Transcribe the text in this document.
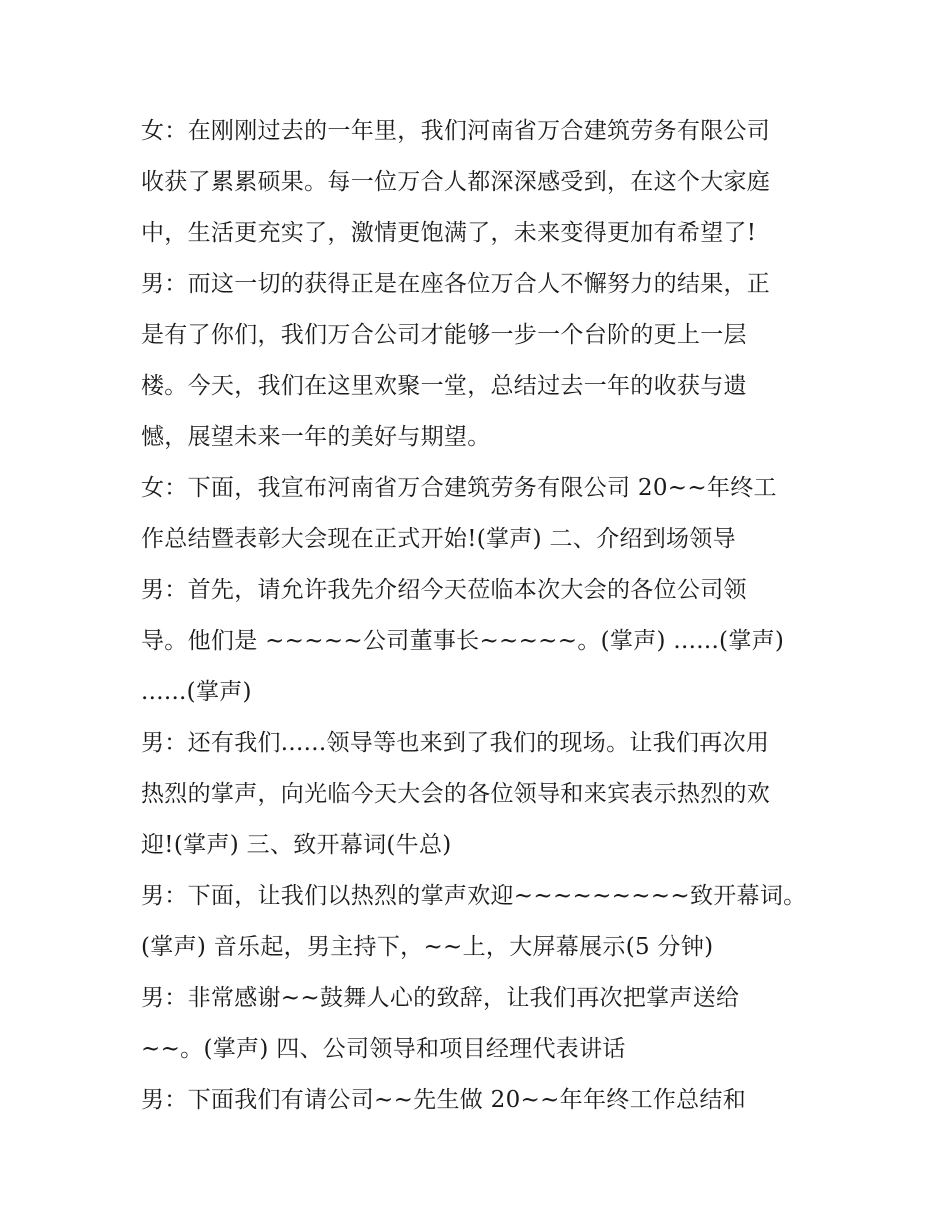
女：在刚刚过去的一年里，我们河南省万合建筑劳务有限公司
收获了累累硕果。每一位万合人都深深感受到，在这个大家庭
中，生活更充实了，激情更饱满了，未来变得更加有希望了!
男：而这一切的获得正是在座各位万合人不懈努力的结果，正
是有了你们，我们万合公司才能够一步一个台阶的更上一层
楼。今天，我们在这里欢聚一堂，总结过去一年的收获与遗
憾，展望未来一年的美好与期望。
女：下面，我宣布河南省万合建筑劳务有限公司 20~~年终工
作总结暨表彰大会现在正式开始!(掌声) 二、介绍到场领导
男：首先，请允许我先介绍今天莅临本次大会的各位公司领
导。他们是 ~~~~~公司董事长~~~~~。(掌声) ......(掌声)
......(掌声)
男：还有我们......领导等也来到了我们的现场。让我们再次用
热烈的掌声，向光临今天大会的各位领导和来宾表示热烈的欢
迎!(掌声) 三、致开幕词(牛总)
男：下面，让我们以热烈的掌声欢迎~~~~~~~~~致开幕词。
(掌声) 音乐起，男主持下，~~上，大屏幕展示(5 分钟)
男：非常感谢~~鼓舞人心的致辞，让我们再次把掌声送给
~~。(掌声) 四、公司领导和项目经理代表讲话
男：下面我们有请公司~~先生做 20~~年年终工作总结和
